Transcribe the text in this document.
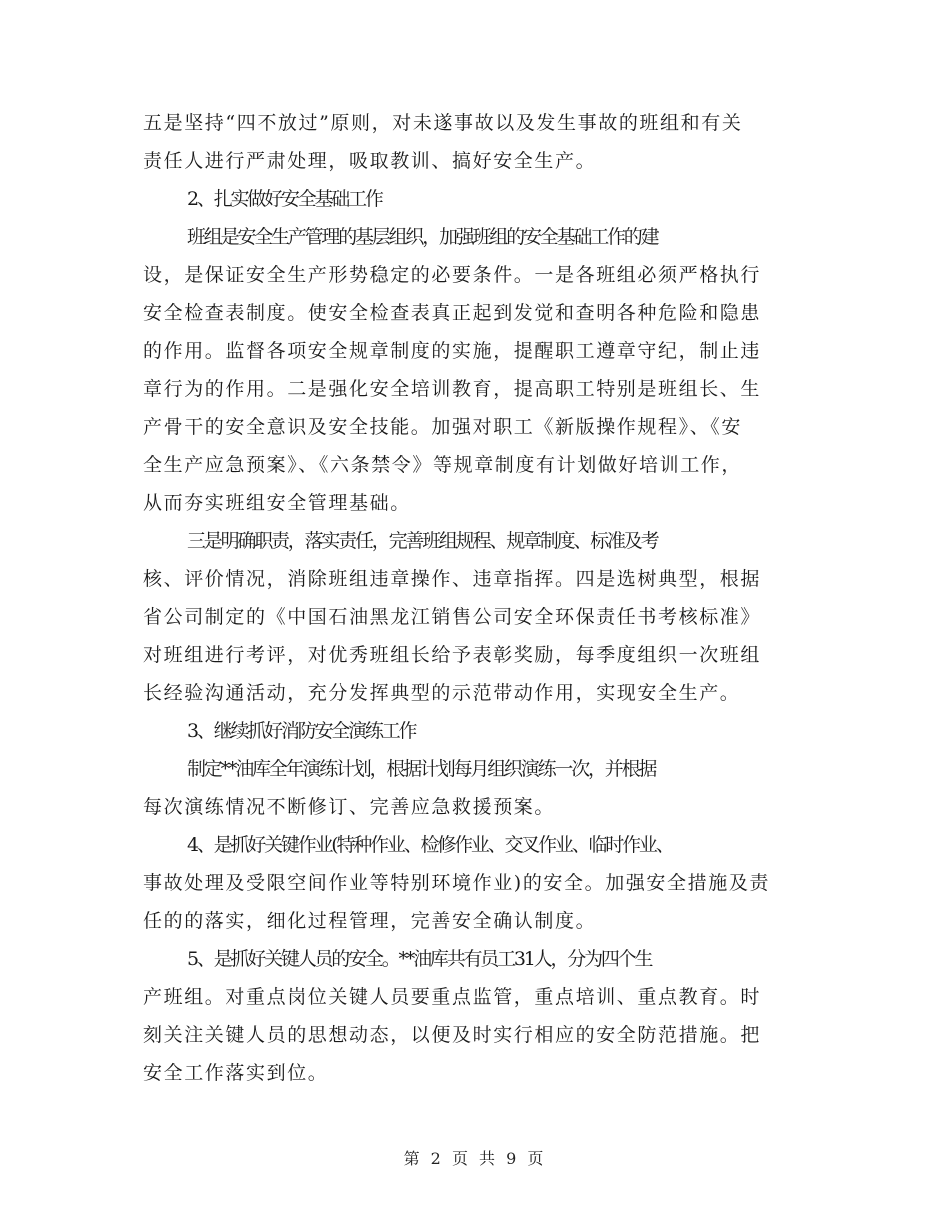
五是坚持“四不放过”原则，对未遂事故以及发生事故的班组和有关
责任人进行严肃处理，吸取教训、搞好安全生产。
2、扎实做好安全基础工作
班组是安全生产管理的基层组织，加强班组的安全基础工作的建
设，是保证安全生产形势稳定的必要条件。一是各班组必须严格执行
安全检查表制度。使安全检查表真正起到发觉和查明各种危险和隐患
的作用。监督各项安全规章制度的实施，提醒职工遵章守纪，制止违
章行为的作用。二是强化安全培训教育，提高职工特别是班组长、生
产骨干的安全意识及安全技能。加强对职工《新版操作规程》、《安
全生产应急预案》、《六条禁令》等规章制度有计划做好培训工作，
从而夯实班组安全管理基础。
三是明确职责，落实责任，完善班组规程、规章制度、标准及考
核、评价情况，消除班组违章操作、违章指挥。四是选树典型，根据
省公司制定的《中国石油黑龙江销售公司安全环保责任书考核标准》
对班组进行考评，对优秀班组长给予表彰奖励，每季度组织一次班组
长经验沟通活动，充分发挥典型的示范带动作用，实现安全生产。
3、继续抓好消防安全演练工作
制定**油库全年演练计划，根据计划每月组织演练一次，并根据
每次演练情况不断修订、完善应急救援预案。
4、是抓好关键作业(特种作业、检修作业、交叉作业、临时作业、
事故处理及受限空间作业等特别环境作业)的安全。加强安全措施及责
任的的落实，细化过程管理，完善安全确认制度。
5、是抓好关键人员的安全。**油库共有员工31人，分为四个生
产班组。对重点岗位关键人员要重点监管，重点培训、重点教育。时
刻关注关键人员的思想动态，以便及时实行相应的安全防范措施。把
安全工作落实到位。
第 2 页 共 9 页
